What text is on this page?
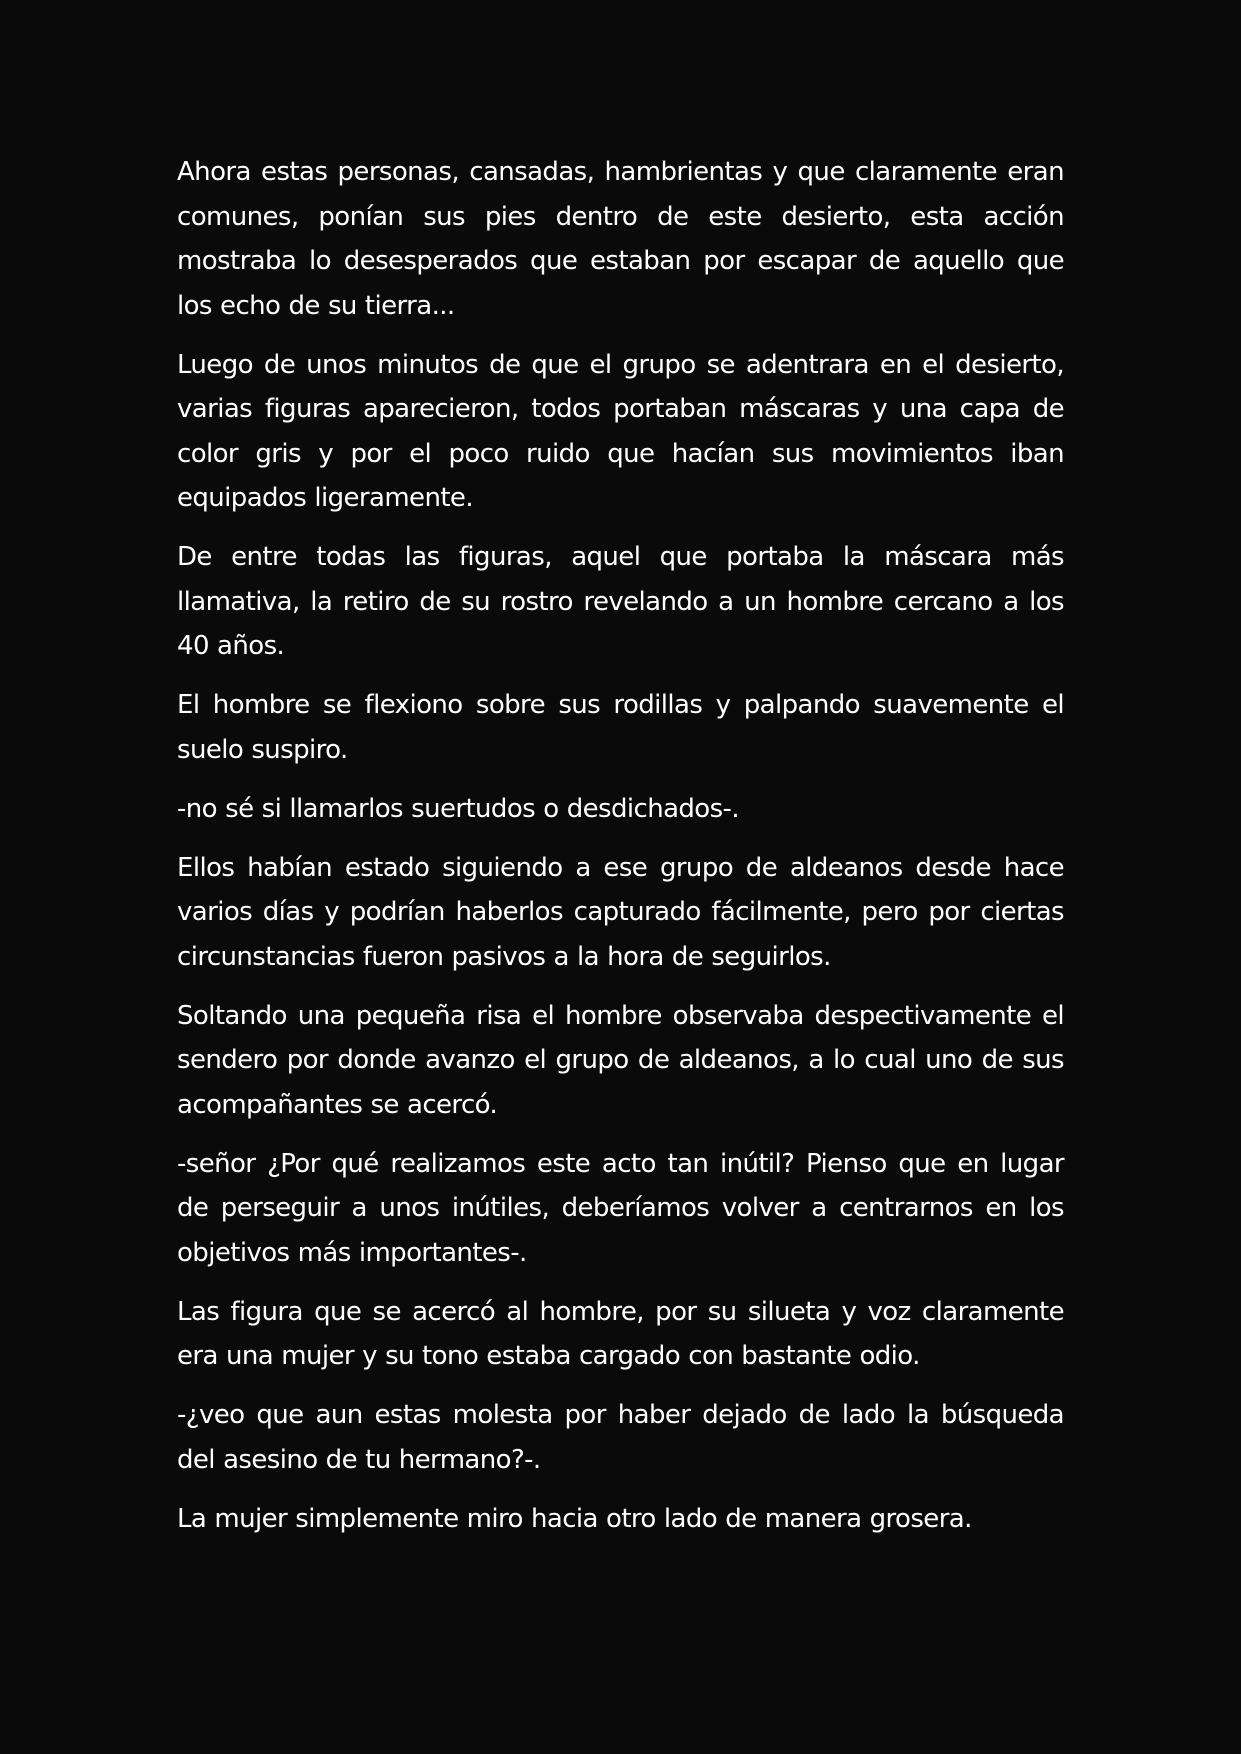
Ahora estas personas, cansadas, hambrientas y que claramente eran comunes, ponían sus pies dentro de este desierto, esta acción mostraba lo desesperados que estaban por escapar de aquello que los echo de su tierra...

Luego de unos minutos de que el grupo se adentrara en el desierto, varias figuras aparecieron, todos portaban máscaras y una capa de color gris y por el poco ruido que hacían sus movimientos iban equipados ligeramente.

De entre todas las figuras, aquel que portaba la máscara más llamativa, la retiro de su rostro revelando a un hombre cercano a los 40 años.

El hombre se flexiono sobre sus rodillas y palpando suavemente el suelo suspiro.

-no sé si llamarlos suertudos o desdichados-.

Ellos habían estado siguiendo a ese grupo de aldeanos desde hace varios días y podrían haberlos capturado fácilmente, pero por ciertas circunstancias fueron pasivos a la hora de seguirlos.

Soltando una pequeña risa el hombre observaba despectivamente el sendero por donde avanzo el grupo de aldeanos, a lo cual uno de sus acompañantes se acercó.

-señor ¿Por qué realizamos este acto tan inútil? Pienso que en lugar de perseguir a unos inútiles, deberíamos volver a centrarnos en los objetivos más importantes-.

Las figura que se acercó al hombre, por su silueta y voz claramente era una mujer y su tono estaba cargado con bastante odio.

-¿veo que aun estas molesta por haber dejado de lado la búsqueda del asesino de tu hermano?-.

La mujer simplemente miro hacia otro lado de manera grosera.
